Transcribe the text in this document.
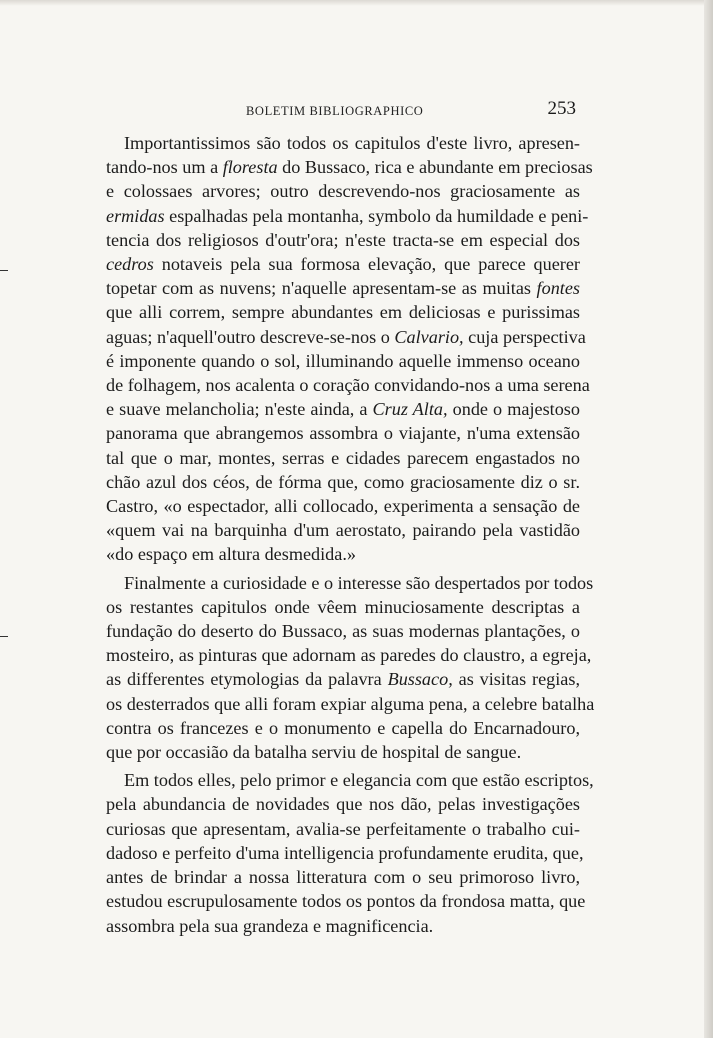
BOLETIM BIBLIOGRAPHICO	253
Importantissimos são todos os capitulos d'este livro, apresen-
tando-nos um a floresta do Bussaco, rica e abundante em preciosas
e colossaes arvores; outro descrevendo-nos graciosamente as
ermidas espalhadas pela montanha, symbolo da humildade e peni-
tencia dos religiosos d'outr'ora; n'este tracta-se em especial dos
cedros notaveis pela sua formosa elevação, que parece querer
topetar com as nuvens; n'aquelle apresentam-se as muitas fontes
que alli correm, sempre abundantes em deliciosas e purissimas
aguas; n'aquell'outro descreve-se-nos o Calvario, cuja perspectiva
é imponente quando o sol, illuminando aquelle immenso oceano
de folhagem, nos acalenta o coração convidando-nos a uma serena
e suave melancholia; n'este ainda, a Cruz Alta, onde o majestoso
panorama que abrangemos assombra o viajante, n'uma extensão
tal que o mar, montes, serras e cidades parecem engastados no
chão azul dos céos, de fórma que, como graciosamente diz o sr.
Castro, «o espectador, alli collocado, experimenta a sensação de
«quem vai na barquinha d'um aerostato, pairando pela vastidão
«do espaço em altura desmedida.»
Finalmente a curiosidade e o interesse são despertados por todos
os restantes capitulos onde vêem minuciosamente descriptas a
fundação do deserto do Bussaco, as suas modernas plantações, o
mosteiro, as pinturas que adornam as paredes do claustro, a egreja,
as differentes etymologias da palavra Bussaco, as visitas regias,
os desterrados que alli foram expiar alguma pena, a celebre batalha
contra os francezes e o monumento e capella do Encarnadouro,
que por occasião da batalha serviu de hospital de sangue.
Em todos elles, pelo primor e elegancia com que estão escriptos,
pela abundancia de novidades que nos dão, pelas investigações
curiosas que apresentam, avalia-se perfeitamente o trabalho cui-
dadoso e perfeito d'uma intelligencia profundamente erudita, que,
antes de brindar a nossa litteratura com o seu primoroso livro,
estudou escrupulosamente todos os pontos da frondosa matta, que
assombra pela sua grandeza e magnificencia.
